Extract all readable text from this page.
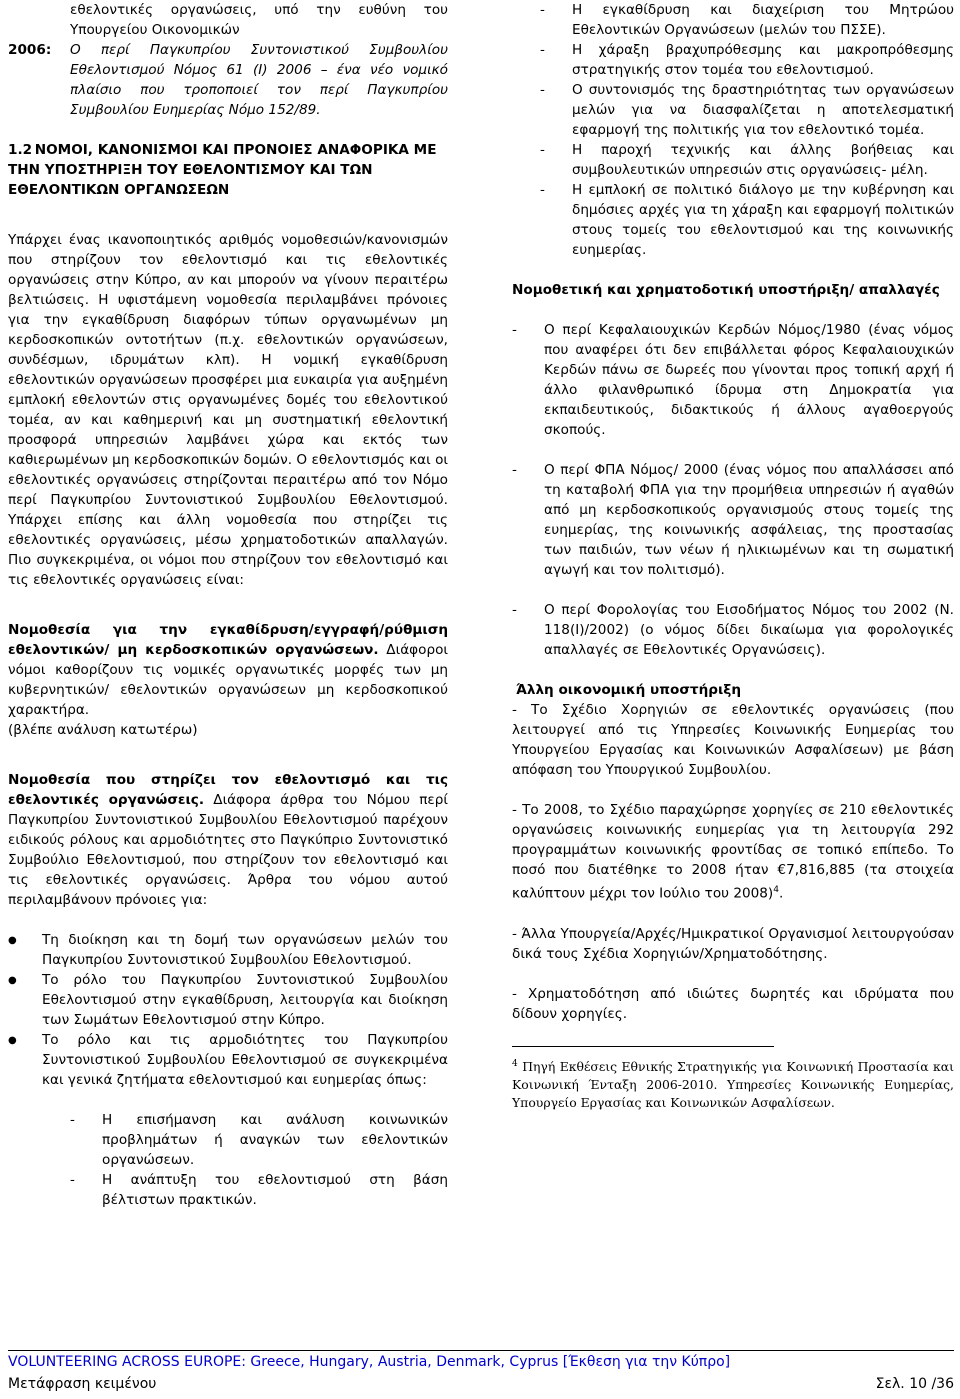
εθελοντικές οργανώσεις, υπό την ευθύνη του Υπουργείου Οικονομικών
2006:	Ο περί Παγκυπρίου Συντονιστικού Συμβουλίου Εθελοντισμού Νόμος 61 (I) 2006 – ένα νέο νομικό πλαίσιο που τροποποιεί τον περί Παγκυπρίου Συμβουλίου Ευημερίας Νόμο 152/89.
1.2 ΝΟΜΟΙ, ΚΑΝΟΝΙΣΜΟΙ ΚΑΙ ΠΡΟΝΟΙΕΣ ΑΝΑΦΟΡΙΚΑ ΜΕ ΤΗΝ ΥΠΟΣΤΗΡΙΞΗ ΤΟΥ ΕΘΕΛΟΝΤΙΣΜΟΥ ΚΑΙ ΤΩΝ ΕΘΕΛΟΝΤΙΚΩΝ ΟΡΓΑΝΩΣΕΩΝ

Υπάρχει ένας ικανοποιητικός αριθμός νομοθεσιών/κανονισμών που στηρίζουν τον εθελοντισμό και τις εθελοντικές οργανώσεις στην Κύπρο, αν και μπορούν να γίνουν περαιτέρω βελτιώσεις. Η υφιστάμενη νομοθεσία περιλαμβάνει πρόνοιες για την εγκαθίδρυση διαφόρων τύπων οργανωμένων μη κερδοσκοπικών οντοτήτων (π.χ. εθελοντικών οργανώσεων, συνδέσμων, ιδρυμάτων κλπ). Η νομική εγκαθίδρυση εθελοντικών οργανώσεων προσφέρει μια ευκαιρία για αυξημένη εμπλοκή εθελοντών στις οργανωμένες δομές του εθελοντικού τομέα, αν και καθημερινή και μη συστηματική εθελοντική προσφορά υπηρεσιών λαμβάνει χώρα και εκτός των καθιερωμένων μη κερδοσκοπικών δομών. Ο εθελοντισμός και οι εθελοντικές οργανώσεις στηρίζονται περαιτέρω από τον Νόμο περί Παγκυπρίου Συντονιστικού Συμβουλίου Εθελοντισμού. Υπάρχει επίσης και άλλη νομοθεσία που στηρίζει τις εθελοντικές οργανώσεις, μέσω χρηματοδοτικών απαλλαγών. Πιο συγκεκριμένα, οι νόμοι που στηρίζουν τον εθελοντισμό και τις εθελοντικές οργανώσεις είναι:

Νομοθεσία για την εγκαθίδρυση/εγγραφή/ρύθμιση εθελοντικών/ μη κερδοσκοπικών οργανώσεων. Διάφοροι νόμοι καθορίζουν τις νομικές οργανωτικές μορφές των μη κυβερνητικών/ εθελοντικών οργανώσεων μη κερδοσκοπικού χαρακτήρα.

(βλέπε ανάλυση κατωτέρω)

Νομοθεσία που στηρίζει τον εθελοντισμό και τις εθελοντικές οργανώσεις. Διάφορα άρθρα του Νόμου περί Παγκυπρίου Συντονιστικού Συμβουλίου Εθελοντισμού παρέχουν ειδικούς ρόλους και αρμοδιότητες στο Παγκύπριο Συντονιστικό Συμβούλιο Εθελοντισμού, που στηρίζουν τον εθελοντισμό και τις εθελοντικές οργανώσεις. Άρθρα του νόμου αυτού περιλαμβάνουν πρόνοιες για:

●	Τη διοίκηση και τη δομή των οργανώσεων μελών του Παγκυπρίου Συντονιστικού Συμβουλίου Εθελοντισμού.
●	Το ρόλο του Παγκυπρίου Συντονιστικού Συμβουλίου Εθελοντισμού στην εγκαθίδρυση, λειτουργία και διοίκηση των Σωμάτων Εθελοντισμού στην Κύπρο.
●	Το ρόλο και τις αρμοδιότητες του Παγκυπρίου Συντονιστικού Συμβουλίου Εθελοντισμού σε συγκεκριμένα και γενικά ζητήματα εθελοντισμού και ευημερίας όπως:
-	Η επισήμανση και ανάλυση κοινωνικών προβλημάτων ή αναγκών των εθελοντικών οργανώσεων.
-	Η ανάπτυξη του εθελοντισμού στη βάση βέλτιστων πρακτικών.
-	Η εγκαθίδρυση και διαχείριση του Μητρώου Εθελοντικών Οργανώσεων (μελών του ΠΣΣΕ).
-	Η χάραξη βραχυπρόθεσμης και μακροπρόθεσμης στρατηγικής στον τομέα του εθελοντισμού.
-	Ο συντονισμός της δραστηριότητας των οργανώσεων μελών για να διασφαλίζεται η αποτελεσματική εφαρμογή της πολιτικής για τον εθελοντικό τομέα.
-	Η παροχή τεχνικής και άλλης βοήθειας και συμβουλευτικών υπηρεσιών στις οργανώσεις- μέλη.
-	Η εμπλοκή σε πολιτικό διάλογο με την κυβέρνηση και δημόσιες αρχές για τη χάραξη και εφαρμογή πολιτικών στους τομείς του εθελοντισμού και της κοινωνικής ευημερίας.

Νομοθετική και χρηματοδοτική υποστήριξη/ απαλλαγές

-	Ο περί Κεφαλαιουχικών Κερδών Νόμος/1980 (ένας νόμος που αναφέρει ότι δεν επιβάλλεται φόρος Κεφαλαιουχικών Κερδών πάνω σε δωρεές που γίνονται προς τοπική αρχή ή άλλο φιλανθρωπικό ίδρυμα στη Δημοκρατία για εκπαιδευτικούς, διδακτικούς ή άλλους αγαθοεργούς σκοπούς.
-	Ο περί ΦΠΑ Νόμος/ 2000 (ένας νόμος που απαλλάσσει από τη καταβολή ΦΠΑ για την προμήθεια υπηρεσιών ή αγαθών από μη κερδοσκοπικούς οργανισμούς στους τομείς της ευημερίας, της κοινωνικής ασφάλειας, της προστασίας των παιδιών, των νέων ή ηλικιωμένων και τη σωματική αγωγή και τον πολιτισμό).
-	Ο περί Φορολογίας του Εισοδήματος Νόμος του 2002 (Ν. 118(I)/2002) (ο νόμος δίδει δικαίωμα για φορολογικές απαλλαγές σε Εθελοντικές Οργανώσεις).

Άλλη οικονομική υποστήριξη

- Το Σχέδιο Χορηγιών σε εθελοντικές οργανώσεις (που λειτουργεί από τις Υπηρεσίες Κοινωνικής Ευημερίας του Υπουργείου Εργασίας και Κοινωνικών Ασφαλίσεων) με βάση απόφαση του Υπουργικού Συμβουλίου.

- Το 2008, το Σχέδιο παραχώρησε χορηγίες σε 210 εθελοντικές οργανώσεις κοινωνικής ευημερίας για τη λειτουργία 292 προγραμμάτων κοινωνικής φροντίδας σε τοπικό επίπεδο. Το ποσό που διατέθηκε το 2008 ήταν €7,816,885 (τα στοιχεία καλύπτουν μέχρι τον Ιούλιο του 2008)$^4$.

- Άλλα Υπουργεία/Αρχές/Ημικρατικοί Οργανισμοί λειτουργούσαν δικά τους Σχέδια Χορηγιών/Χρηματοδότησης.

- Χρηματοδότηση από ιδιώτες δωρητές και ιδρύματα που δίδουν χορηγίες.

$^4$ Πηγή Εκθέσεις Εθνικής Στρατηγικής για Κοινωνική Προστασία και Κοινωνική Ένταξη 2006-2010. Υπηρεσίες Κοινωνικής Ευημερίας, Υπουργείο Εργασίας και Κοινωνικών Ασφαλίσεων.

VOLUNTEERING ACROSS EUROPE: Greece, Hungary, Austria, Denmark, Cyprus [Έκθεση για την Κύπρο]
Μετάφραση κειμένου	Σελ. 10 /36
